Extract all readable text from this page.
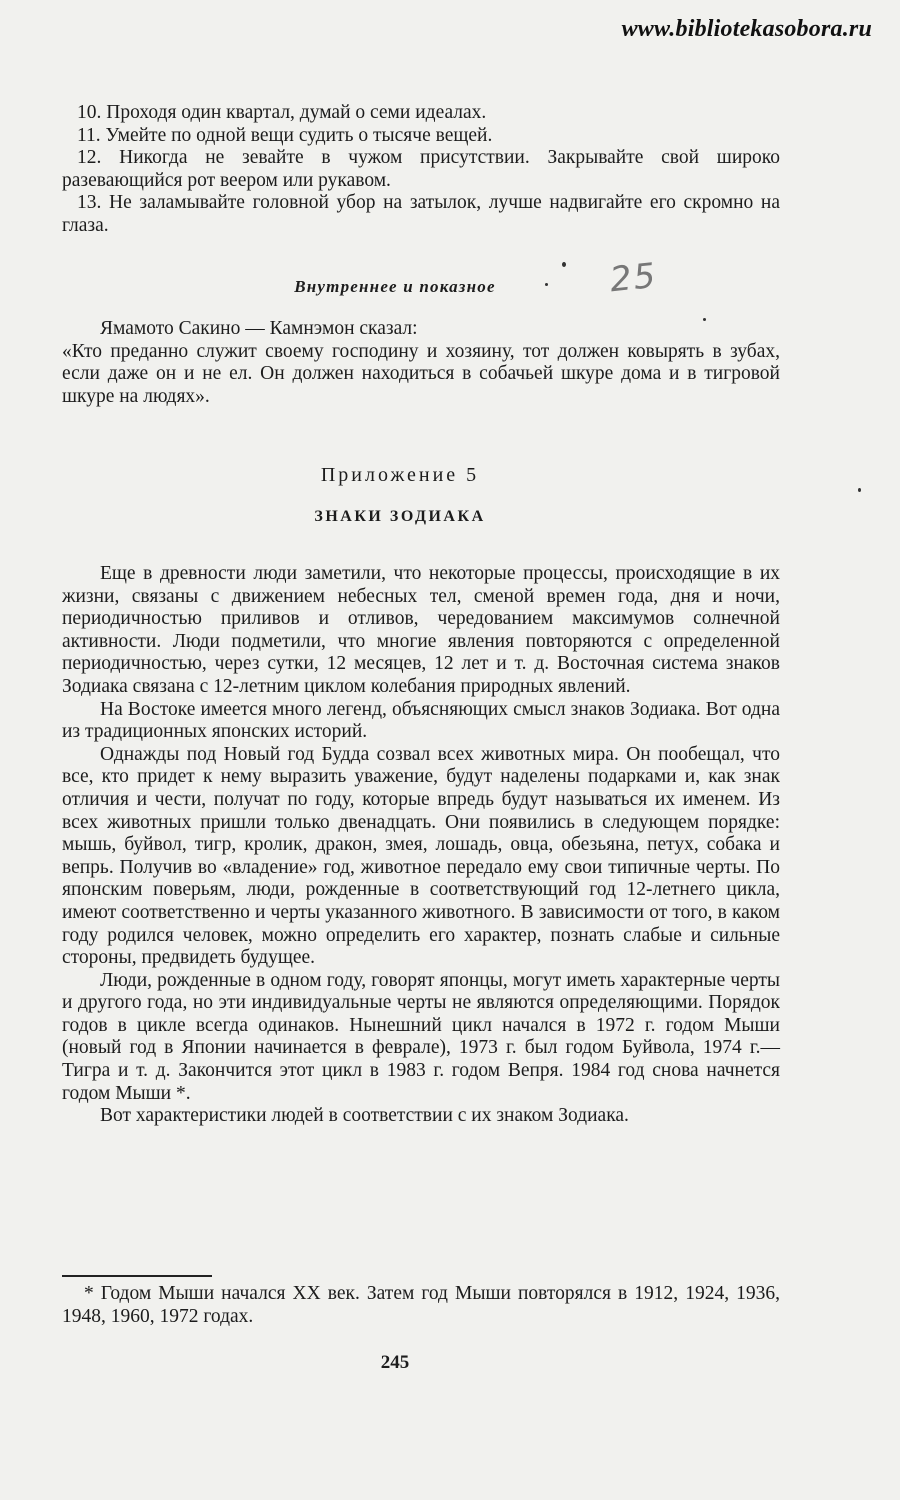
www.bibliotekasobora.ru

10. Проходя один квартал, думай о семи идеалах.

11. Умейте по одной вещи судить о тысяче вещей.

12. Никогда не зевайте в чужом присутствии. Закрывайте свой широко разевающийся рот веером или рукавом.

13. Не заламывайте головной убор на затылок, лучше надвигайте его скромно на глаза.

Внутреннее и показное	25

Ямамото Сакино — Камнэмон сказал:

«Кто преданно служит своему господину и хозяину, тот должен ковырять в зубах, если даже он и не ел. Он должен находиться в собачьей шкуре дома и в тигровой шкуре на людях».

Приложение 5
ЗНАКИ ЗОДИАКА

Еще в древности люди заметили, что некоторые процессы, происходящие в их жизни, связаны с движением небесных тел, сменой времен года, дня и ночи, периодичностью приливов и отливов, чередованием максимумов солнечной активности. Люди подметили, что многие явления повторяются с определенной периодичностью, через сутки, 12 месяцев, 12 лет и т. д. Восточная система знаков Зодиака связана с 12-летним циклом колебания природных явлений.

На Востоке имеется много легенд, объясняющих смысл знаков Зодиака. Вот одна из традиционных японских историй.

Однажды под Новый год Будда созвал всех животных мира. Он пообещал, что все, кто придет к нему выразить уважение, будут наделены подарками и, как знак отличия и чести, получат по году, которые впредь будут называться их именем. Из всех животных пришли только двенадцать. Они появились в следующем порядке: мышь, буйвол, тигр, кролик, дракон, змея, лошадь, овца, обезьяна, петух, собака и вепрь. Получив во «владение» год, животное передало ему свои типичные черты. По японским поверьям, люди, рожденные в соответствующий год 12-летнего цикла, имеют соответственно и черты указанного животного. В зависимости от того, в каком году родился человек, можно определить его характер, познать слабые и сильные стороны, предвидеть будущее.

Люди, рожденные в одном году, говорят японцы, могут иметь характерные черты и другого года, но эти индивидуальные черты не являются определяющими. Порядок годов в цикле всегда одинаков. Нынешний цикл начался в 1972 г. годом Мыши (новый год в Японии начинается в феврале), 1973 г. был годом Буйвола, 1974 г.— Тигра и т. д. Закончится этот цикл в 1983 г. годом Вепря. 1984 год снова начнется годом Мыши *.

Вот характеристики людей в соответствии с их знаком Зодиака.

* Годом Мыши начался XX век. Затем год Мыши повторялся в 1912, 1924, 1936, 1948, 1960, 1972 годах.

245
